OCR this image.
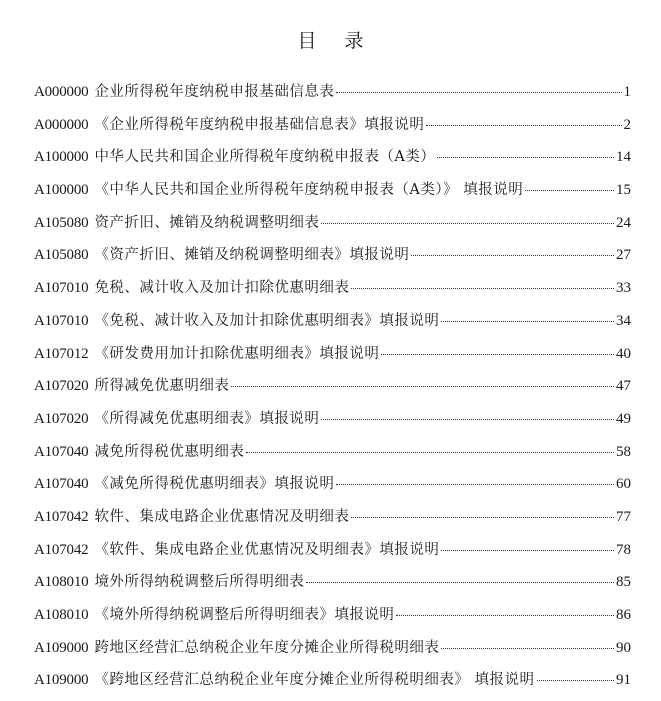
目录
A000000 企业所得税年度纳税申报基础信息表	1
A000000 《企业所得税年度纳税申报基础信息表》填报说明	2
A100000 中华人民共和国企业所得税年度纳税申报表（A类）	14
A100000 《中华人民共和国企业所得税年度纳税申报表（A类）》 填报说明	15
A105080 资产折旧、摊销及纳税调整明细表	24
A105080 《资产折旧、摊销及纳税调整明细表》填报说明	27
A107010 免税、减计收入及加计扣除优惠明细表	33
A107010 《免税、减计收入及加计扣除优惠明细表》填报说明	34
A107012 《研发费用加计扣除优惠明细表》填报说明	40
A107020 所得减免优惠明细表	47
A107020 《所得减免优惠明细表》填报说明	49
A107040 减免所得税优惠明细表	58
A107040 《减免所得税优惠明细表》填报说明	60
A107042 软件、集成电路企业优惠情况及明细表	77
A107042 《软件、集成电路企业优惠情况及明细表》填报说明	78
A108010 境外所得纳税调整后所得明细表	85
A108010 《境外所得纳税调整后所得明细表》填报说明	86
A109000 跨地区经营汇总纳税企业年度分摊企业所得税明细表	90
A109000 《跨地区经营汇总纳税企业年度分摊企业所得税明细表》 填报说明	91
